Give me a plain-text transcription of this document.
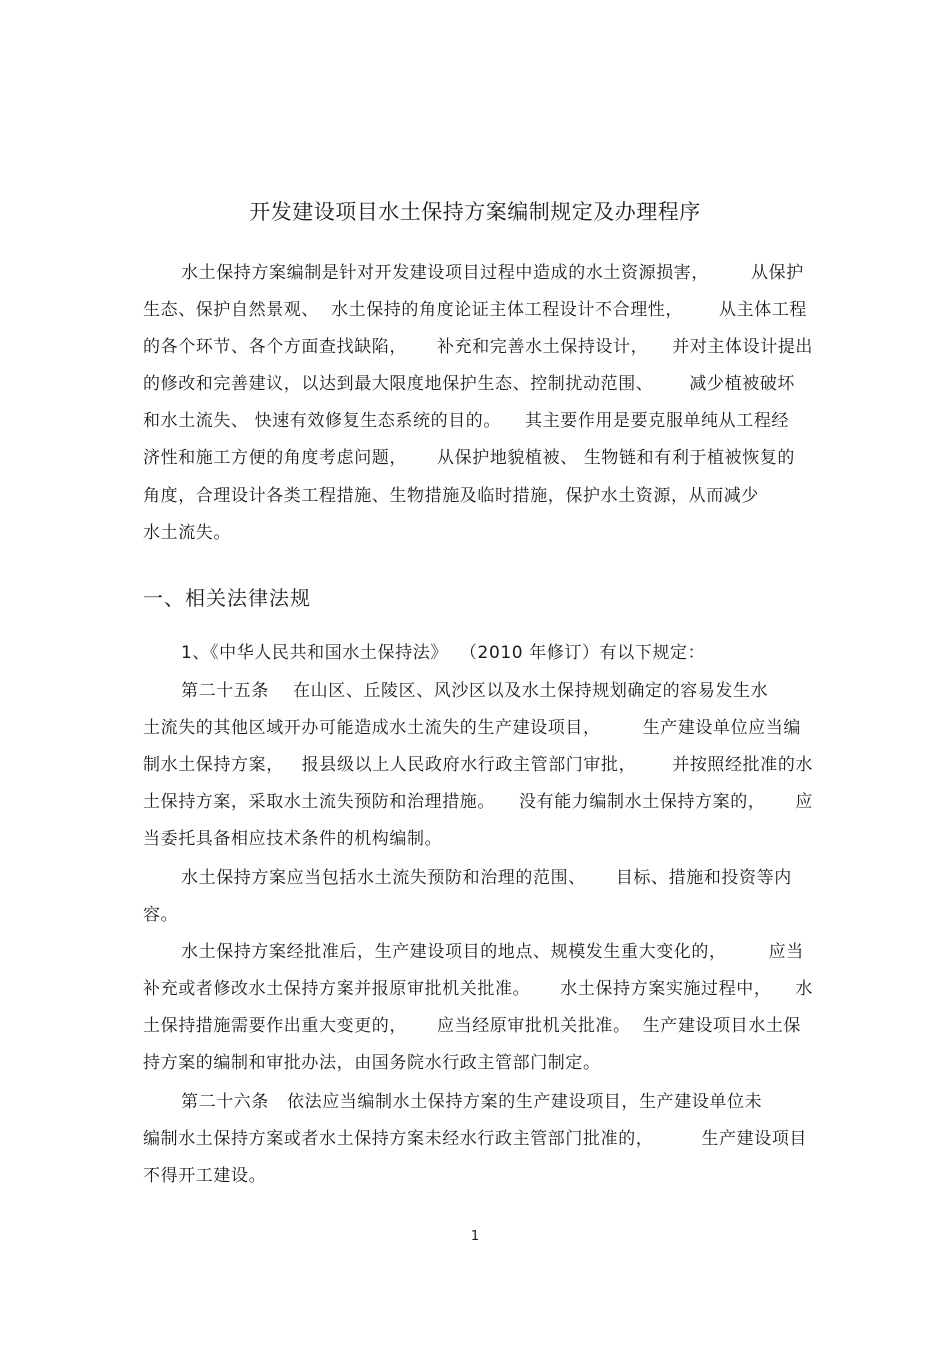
开发建设项目水土保持方案编制规定及办理程序
水土保持方案编制是针对开发建设项目过程中造成的水土资源损害，       从保护
生态、保护自然景观、  水土保持的角度论证主体工程设计不合理性，      从主体工程
的各个环节、各个方面查找缺陷，     补充和完善水土保持设计，    并对主体设计提出
的修改和完善建议，以达到最大限度地保护生态、控制扰动范围、      减少植被破坏
和水土流失、 快速有效修复生态系统的目的。    其主要作用是要克服单纯从工程经
济性和施工方便的角度考虑问题，     从保护地貌植被、 生物链和有利于植被恢复的
角度，合理设计各类工程措施、生物措施及临时措施，保护水土资源，从而减少
水土流失。
一、相关法律法规
1、《中华人民共和国水土保持法》  （2010 年修订）有以下规定：
第二十五条    在山区、丘陵区、风沙区以及水土保持规划确定的容易发生水
土流失的其他区域开办可能造成水土流失的生产建设项目，       生产建设单位应当编
制水土保持方案，   报县级以上人民政府水行政主管部门审批，      并按照经批准的水
土保持方案，采取水土流失预防和治理措施。    没有能力编制水土保持方案的，     应
当委托具备相应技术条件的机构编制。
水土保持方案应当包括水土流失预防和治理的范围、     目标、措施和投资等内
容。
水土保持方案经批准后，生产建设项目的地点、规模发生重大变化的，       应当
补充或者修改水土保持方案并报原审批机关批准。     水土保持方案实施过程中，    水
土保持措施需要作出重大变更的，     应当经原审批机关批准。  生产建设项目水土保
持方案的编制和审批办法，由国务院水行政主管部门制定。
第二十六条   依法应当编制水土保持方案的生产建设项目，生产建设单位未
编制水土保持方案或者水土保持方案未经水行政主管部门批准的，        生产建设项目
不得开工建设。
1
